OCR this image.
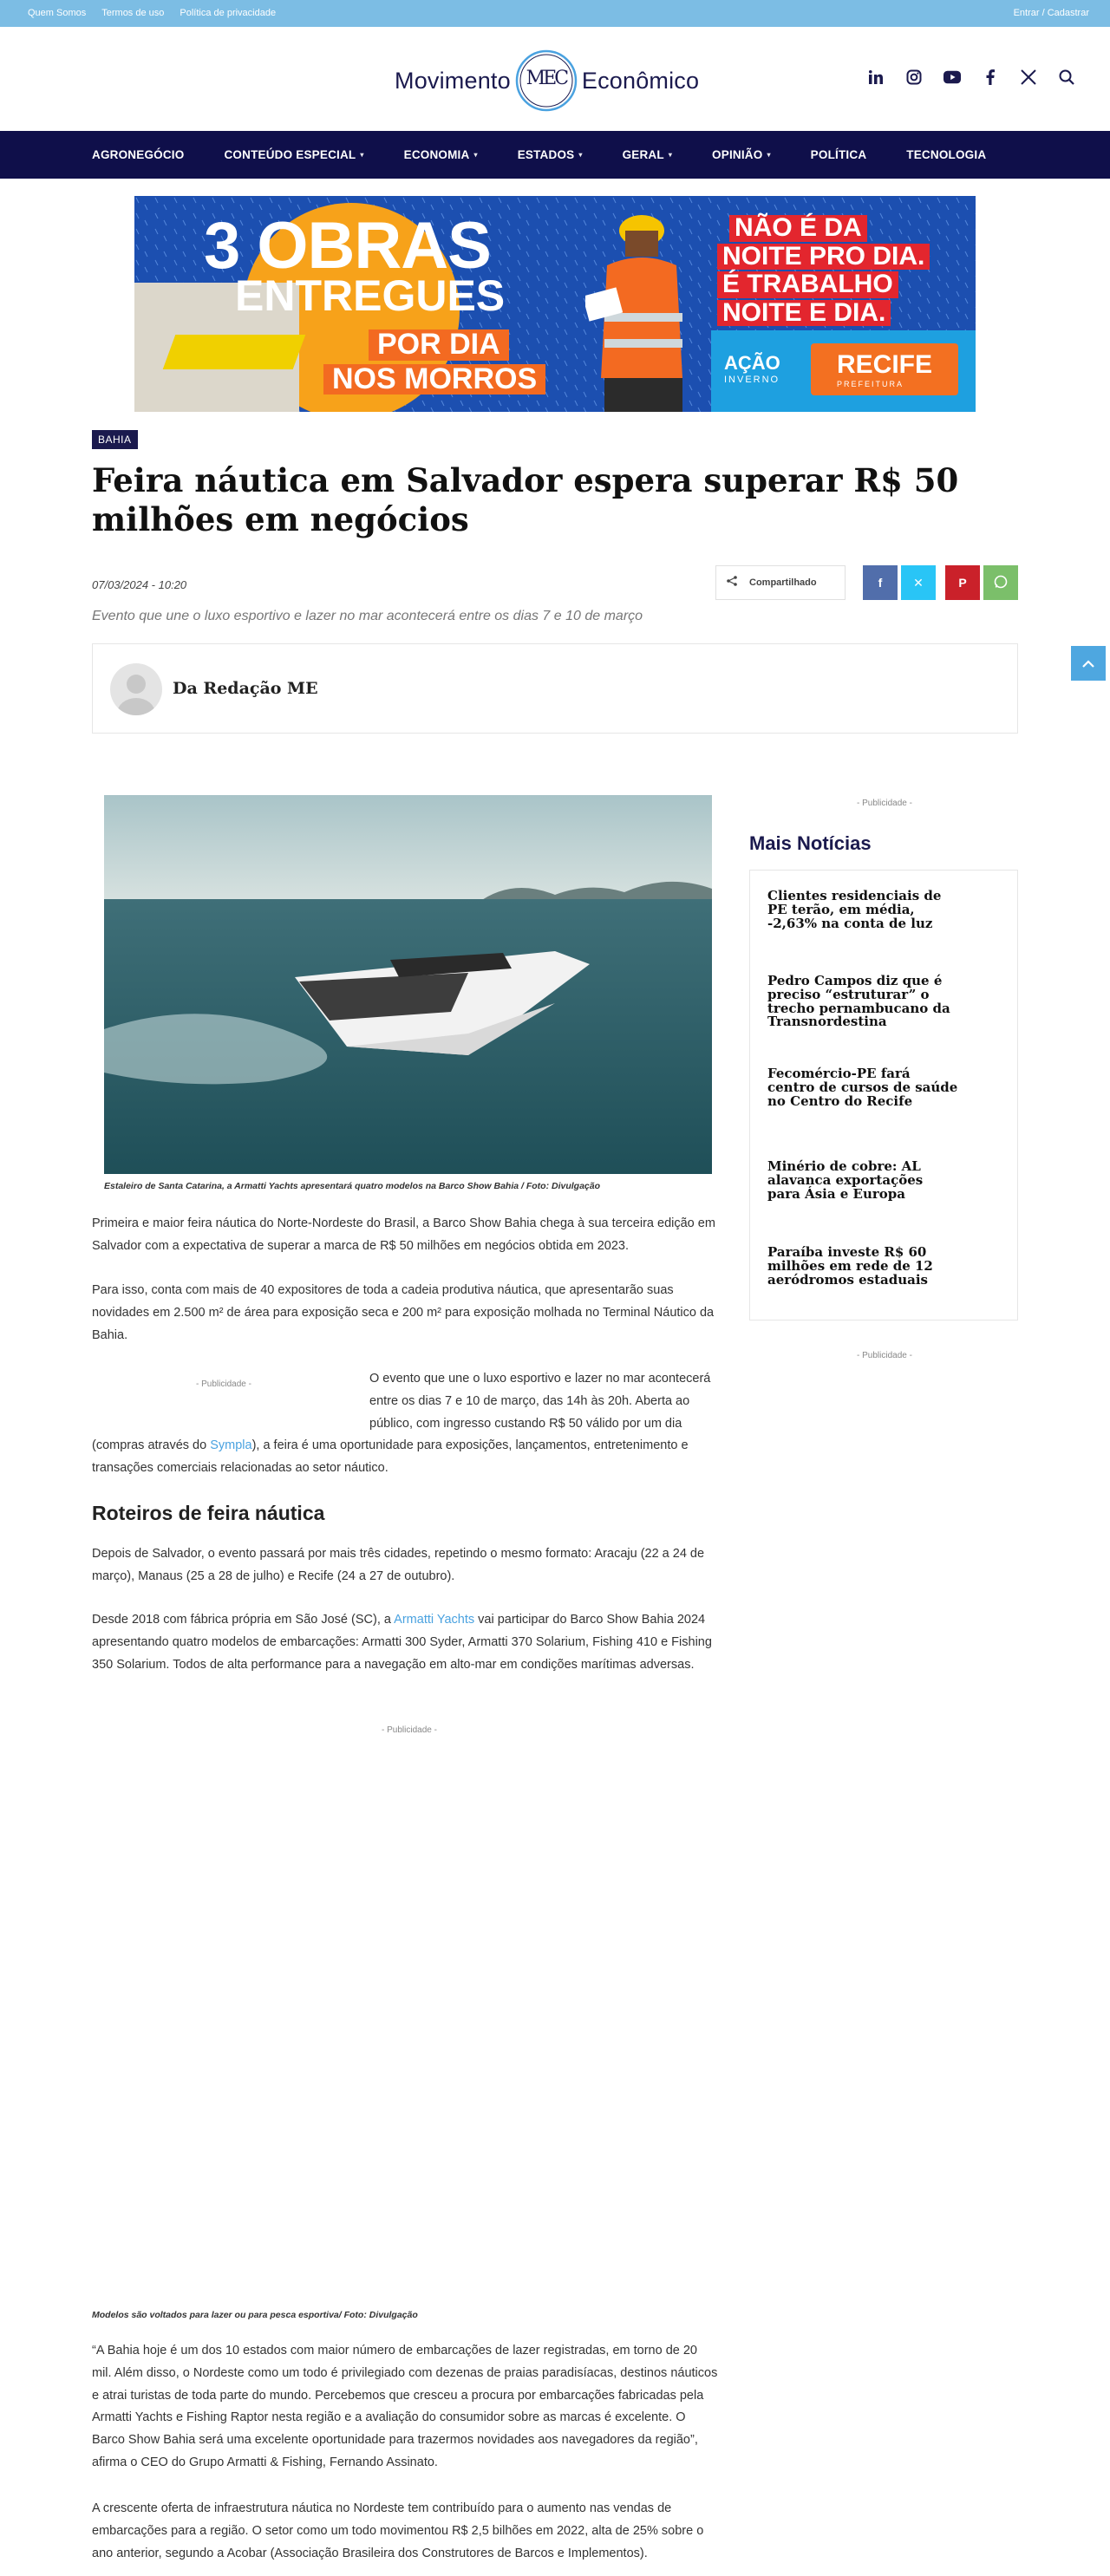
Quem Somos Termos de uso Política de privacidade	Entrar / Cadastrar
Movimento MEC Econômico
AGRONEGÓCIO	CONTEÚDO ESPECIAL ▾	ECONOMIA ▾	ESTADOS ▾	GERAL ▾	OPINIÃO ▾	POLÍTICA	TECNOLOGIA
3 OBRAS
ENTREGUES
POR DIA
NOS MORROS
NÃO É DA
NOITE PRO DIA.
É TRABALHO
NOITE E DIA.
AÇÃO
INVERNO
RECIFE
PREFEITURA
BAHIA
Feira náutica em Salvador espera superar R$ 50 milhões em negócios
07/03/2024 - 10:20	Compartilhado	f	✕	P
Evento que une o luxo esportivo e lazer no mar acontecerá entre os dias 7 e 10 de março
Da Redação ME
Estaleiro de Santa Catarina, a Armatti Yachts apresentará quatro modelos na Barco Show Bahia / Foto: Divulgação

Primeira e maior feira náutica do Norte-Nordeste do Brasil, a Barco Show Bahia chega à sua terceira edição em Salvador com a expectativa de superar a marca de R$ 50 milhões em negócios obtida em 2023.

Para isso, conta com mais de 40 expositores de toda a cadeia produtiva náutica, que apresentarão suas novidades em 2.500 m² de área para exposição seca e 200 m² para exposição molhada no Terminal Náutico da Bahia.

- Publicidade -	O evento que une o luxo esportivo e lazer no mar acontecerá entre os dias 7 e 10 de março, das 14h às 20h. Aberta ao público, com ingresso custando R$ 50 válido por um dia

(compras através do Sympla), a feira é uma oportunidade para exposições, lançamentos, entretenimento e transações comerciais relacionadas ao setor náutico.

Roteiros de feira náutica

Depois de Salvador, o evento passará por mais três cidades, repetindo o mesmo formato: Aracaju (22 a 24 de março), Manaus (25 a 28 de julho) e Recife (24 a 27 de outubro).

Desde 2018 com fábrica própria em São José (SC), a Armatti Yachts vai participar do Barco Show Bahia 2024 apresentando quatro modelos de embarcações: Armatti 300 Syder, Armatti 370 Solarium, Fishing 410 e Fishing 350 Solarium. Todos de alta performance para a navegação em alto-mar em condições marítimas adversas.

- Publicidade -
Modelos são voltados para lazer ou para pesca esportiva/ Foto: Divulgação

“A Bahia hoje é um dos 10 estados com maior número de embarcações de lazer registradas, em torno de 20 mil. Além disso, o Nordeste como um todo é privilegiado com dezenas de praias paradisíacas, destinos náuticos e atrai turistas de toda parte do mundo. Percebemos que cresceu a procura por embarcações fabricadas pela Armatti Yachts e Fishing Raptor nesta região e a avaliação do consumidor sobre as marcas é excelente. O Barco Show Bahia será uma excelente oportunidade para trazermos novidades aos navegadores da região”, afirma o CEO do Grupo Armatti & Fishing, Fernando Assinato.

A crescente oferta de infraestrutura náutica no Nordeste tem contribuído para o aumento nas vendas de embarcações para a região. O setor como um todo movimentou R$ 2,5 bilhões em 2022, alta de 25% sobre o ano anterior, segundo a Acobar (Associação Brasileira dos Construtores de Barcos e Implementos).

- Publicidade -
Mais Notícias
Clientes residenciais de PE terão, em média, -2,63% na conta de luz
Pedro Campos diz que é preciso “estruturar” o trecho pernambucano da Transnordestina
Fecomércio-PE fará centro de cursos de saúde no Centro do Recife
Minério de cobre: AL alavanca exportações para Ásia e Europa
Paraíba investe R$ 60 milhões em rede de 12 aeródromos estaduais
- Publicidade -
